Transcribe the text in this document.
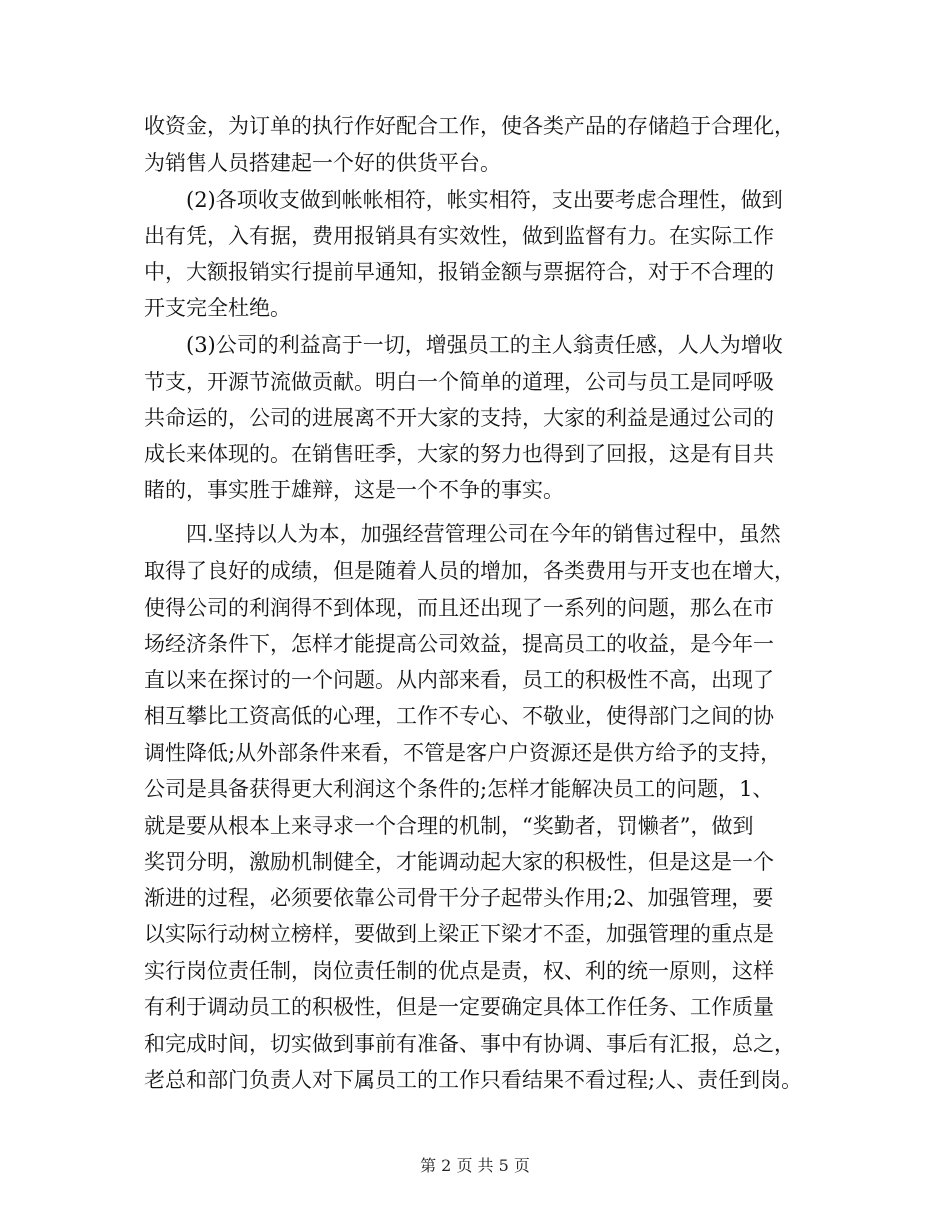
收资金，为订单的执行作好配合工作，使各类产品的存储趋于合理化，
为销售人员搭建起一个好的供货平台。
(2)各项收支做到帐帐相符，帐实相符，支出要考虑合理性，做到
出有凭，入有据，费用报销具有实效性，做到监督有力。在实际工作
中，大额报销实行提前早通知，报销金额与票据符合，对于不合理的
开支完全杜绝。
(3)公司的利益高于一切，增强员工的主人翁责任感，人人为增收
节支，开源节流做贡献。明白一个简单的道理，公司与员工是同呼吸
共命运的，公司的进展离不开大家的支持，大家的利益是通过公司的
成长来体现的。在销售旺季，大家的努力也得到了回报，这是有目共
睹的，事实胜于雄辩，这是一个不争的事实。
四.坚持以人为本，加强经营管理公司在今年的销售过程中，虽然
取得了良好的成绩，但是随着人员的增加，各类费用与开支也在增大，
使得公司的利润得不到体现，而且还出现了一系列的问题，那么在市
场经济条件下，怎样才能提高公司效益，提高员工的收益，是今年一
直以来在探讨的一个问题。从内部来看，员工的积极性不高，出现了
相互攀比工资高低的心理，工作不专心、不敬业，使得部门之间的协
调性降低;从外部条件来看，不管是客户户资源还是供方给予的支持，
公司是具备获得更大利润这个条件的;怎样才能解决员工的问题，1、
就是要从根本上来寻求一个合理的机制，“奖勤者，罚懒者”，做到
奖罚分明，激励机制健全，才能调动起大家的积极性，但是这是一个
渐进的过程，必须要依靠公司骨干分子起带头作用;2、加强管理，要
以实际行动树立榜样，要做到上梁正下梁才不歪，加强管理的重点是
实行岗位责任制，岗位责任制的优点是责，权、利的统一原则，这样
有利于调动员工的积极性，但是一定要确定具体工作任务、工作质量
和完成时间，切实做到事前有准备、事中有协调、事后有汇报，总之，
老总和部门负责人对下属员工的工作只看结果不看过程;人、责任到岗。
第 2 页 共 5 页
